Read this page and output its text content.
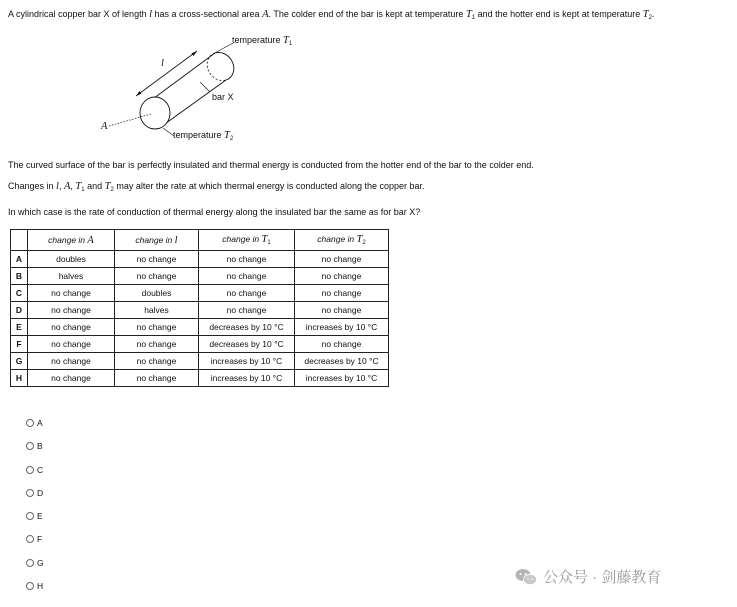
A cylindrical copper bar X of length l has a cross-sectional area A. The colder end of the bar is kept at temperature $T_1$ and the hotter end is kept at temperature $T_2$.
temperature $T_1$
l
bar X
A
temperature $T_2$
The curved surface of the bar is perfectly insulated and thermal energy is conducted from the hotter end of the bar to the colder end.
Changes in l, A, $T_1$ and $T_2$ may alter the rate at which thermal energy is conducted along the copper bar.
In which case is the rate of conduction of thermal energy along the insulated bar the same as for bar X?
	change in A	change in l	change in $T_1$	change in $T_2$
A	doubles	no change	no change	no change
B	halves	no change	no change	no change
C	no change	doubles	no change	no change
D	no change	halves	no change	no change
E	no change	no change	decreases by 10 °C	increases by 10 °C
F	no change	no change	decreases by 10 °C	no change
G	no change	no change	increases by 10 °C	decreases by 10 °C
H	no change	no change	increases by 10 °C	increases by 10 °C
A
B
C
D
E
F
G
H	公众号 · 剑藤教育
